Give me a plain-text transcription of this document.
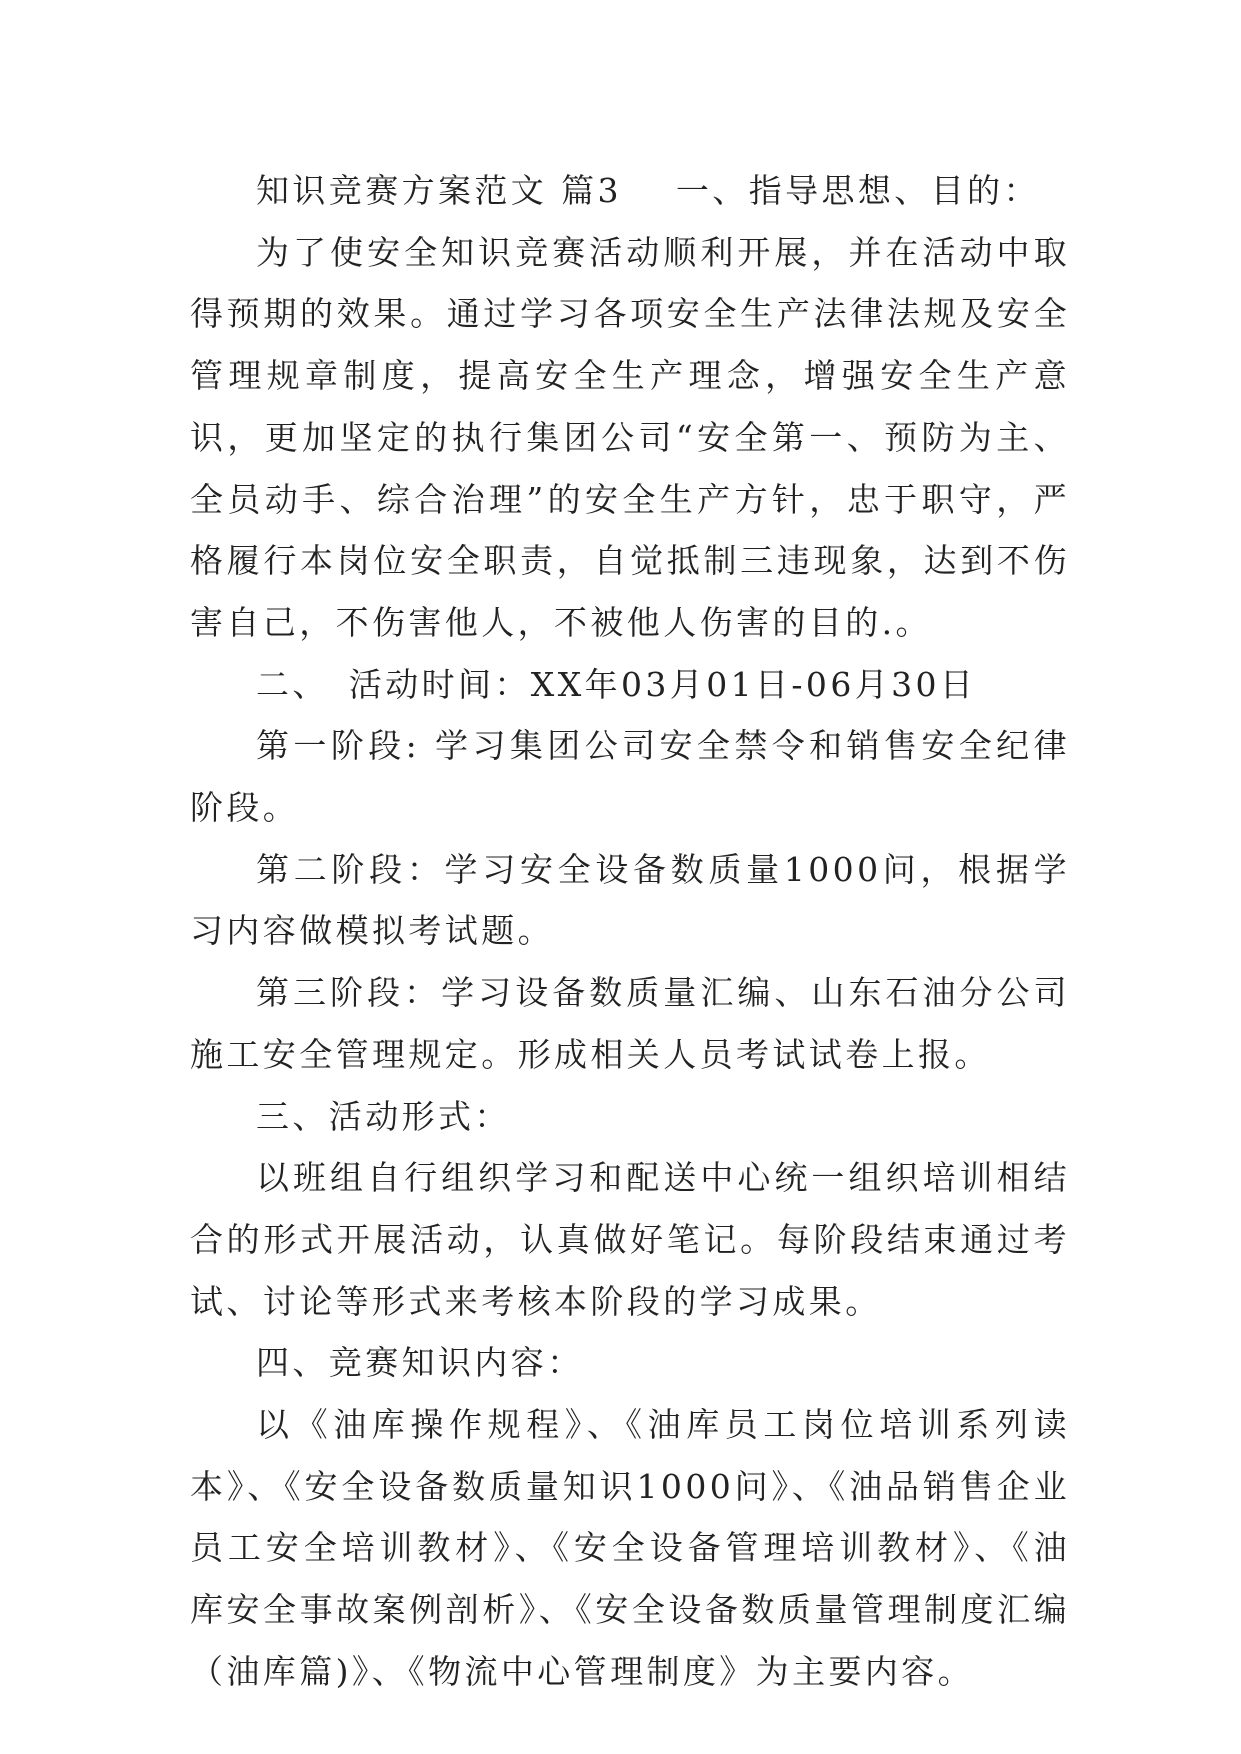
知识竞赛方案范文 篇3 一、指导思想、目的：

为了使安全知识竞赛活动顺利开展，并在活动中取得预期的效果。通过学习各项安全生产法律法规及安全管理规章制度，提高安全生产理念，增强安全生产意识，更加坚定的执行集团公司“安全第一、预防为主、全员动手、综合治理”的安全生产方针，忠于职守，严格履行本岗位安全职责，自觉抵制三违现象，达到不伤害自己，不伤害他人，不被他人伤害的目的.。

二、 活动时间：XX年03月01日-06月30日

第一阶段: 学习集团公司安全禁令和销售安全纪律阶段。

第二阶段：学习安全设备数质量1000问，根据学习内容做模拟考试题。

第三阶段：学习设备数质量汇编、山东石油分公司施工安全管理规定。形成相关人员考试试卷上报。

三、活动形式：

以班组自行组织学习和配送中心统一组织培训相结合的形式开展活动，认真做好笔记。每阶段结束通过考试、讨论等形式来考核本阶段的学习成果。

四、竞赛知识内容：

以《油库操作规程》、《油库员工岗位培训系列读本》、《安全设备数质量知识1000问》、《油品销售企业员工安全培训教材》、《安全设备管理培训教材》、《油库安全事故案例剖析》、《安全设备数质量管理制度汇编（油库篇)》、《物流中心管理制度》为主要内容。
